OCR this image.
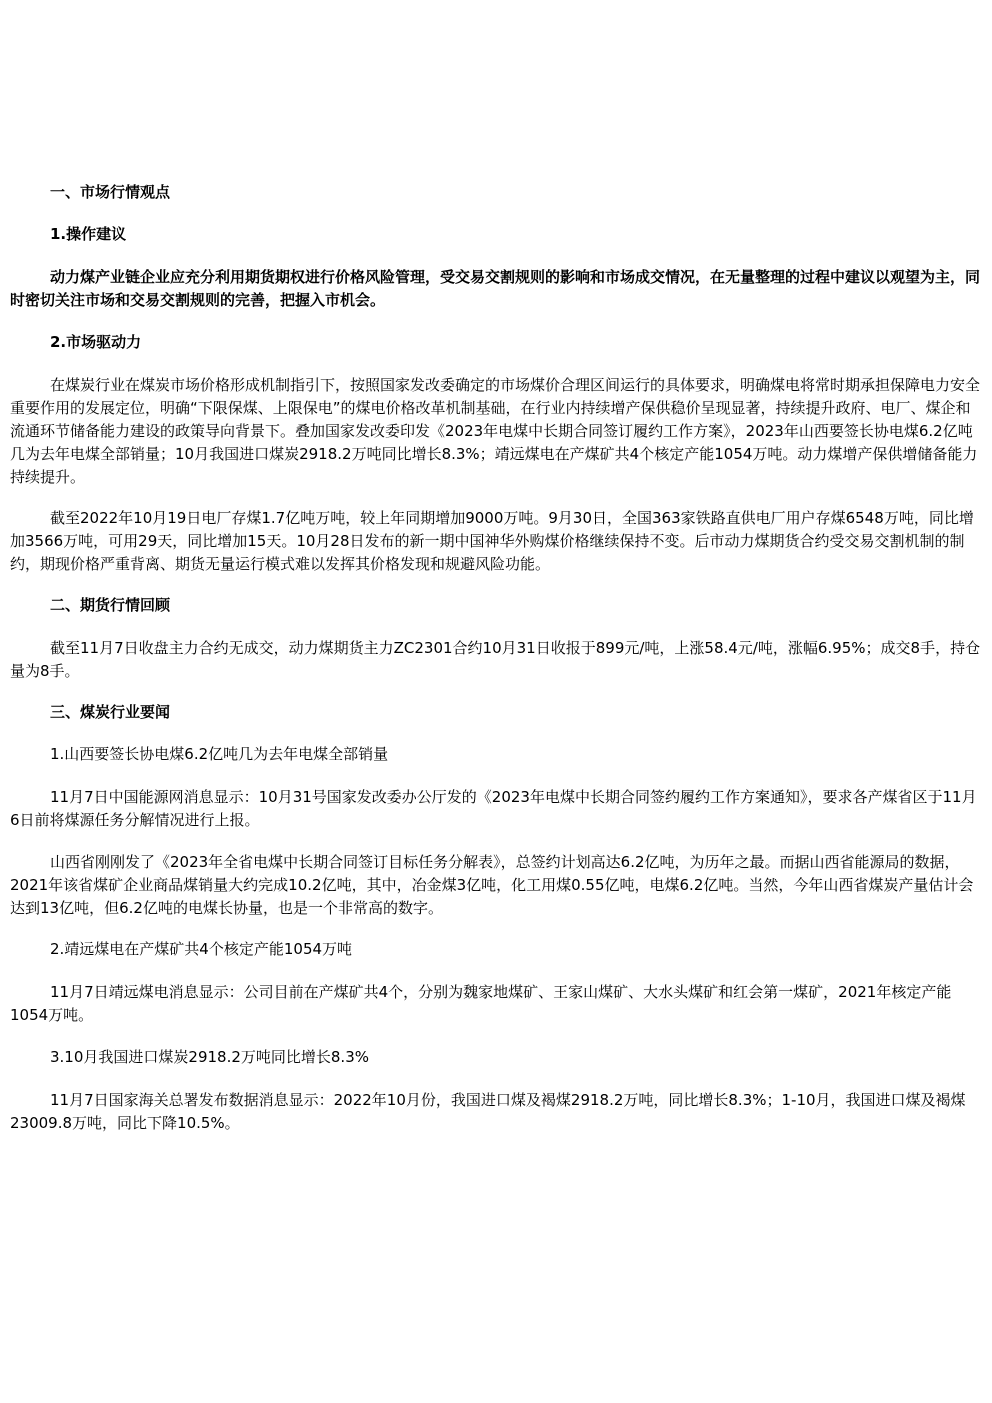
一、市场行情观点

1.操作建议

动力煤产业链企业应充分利用期货期权进行价格风险管理，受交易交割规则的影响和市场成交情况，在无量整理的过程中建议以观望为主，同时密切关注市场和交易交割规则的完善，把握入市机会。

2.市场驱动力

在煤炭行业在煤炭市场价格形成机制指引下，按照国家发改委确定的市场煤价合理区间运行的具体要求，明确煤电将常时期承担保障电力安全重要作用的发展定位，明确“下限保煤、上限保电”的煤电价格改革机制基础，在行业内持续增产保供稳价呈现显著，持续提升政府、电厂、煤企和流通环节储备能力建设的政策导向背景下。叠加国家发改委印发《2023年电煤中长期合同签订履约工作方案》，2023年山西要签长协电煤6.2亿吨几为去年电煤全部销量；10月我国进口煤炭2918.2万吨同比增长8.3%；靖远煤电在产煤矿共4个核定产能1054万吨。动力煤增产保供增储备能力持续提升。

截至2022年10月19日电厂存煤1.7亿吨万吨，较上年同期增加9000万吨。9月30日，全国363家铁路直供电厂用户存煤6548万吨，同比增加3566万吨，可用29天，同比增加15天。10月28日发布的新一期中国神华外购煤价格继续保持不变。后市动力煤期货合约受交易交割机制的制约，期现价格严重背离、期货无量运行模式难以发挥其价格发现和规避风险功能。

二、期货行情回顾

截至11月7日收盘主力合约无成交，动力煤期货主力ZC2301合约10月31日收报于899元/吨，上涨58.4元/吨，涨幅6.95%；成交8手，持仓量为8手。

三、煤炭行业要闻

1.山西要签长协电煤6.2亿吨几为去年电煤全部销量

11月7日中国能源网消息显示：10月31号国家发改委办公厅发的《2023年电煤中长期合同签约履约工作方案通知》，要求各产煤省区于11月6日前将煤源任务分解情况进行上报。

山西省刚刚发了《2023年全省电煤中长期合同签订目标任务分解表》，总签约计划高达6.2亿吨，为历年之最。而据山西省能源局的数据，2021年该省煤矿企业商品煤销量大约完成10.2亿吨，其中，冶金煤3亿吨，化工用煤0.55亿吨，电煤6.2亿吨。当然，今年山西省煤炭产量估计会达到13亿吨，但6.2亿吨的电煤长协量，也是一个非常高的数字。

2.靖远煤电在产煤矿共4个核定产能1054万吨

11月7日靖远煤电消息显示：公司目前在产煤矿共4个，分别为魏家地煤矿、王家山煤矿、大水头煤矿和红会第一煤矿，2021年核定产能1054万吨。

3.10月我国进口煤炭2918.2万吨同比增长8.3%

11月7日国家海关总署发布数据消息显示：2022年10月份，我国进口煤及褐煤2918.2万吨，同比增长8.3%；1-10月，我国进口煤及褐煤23009.8万吨，同比下降10.5%。
